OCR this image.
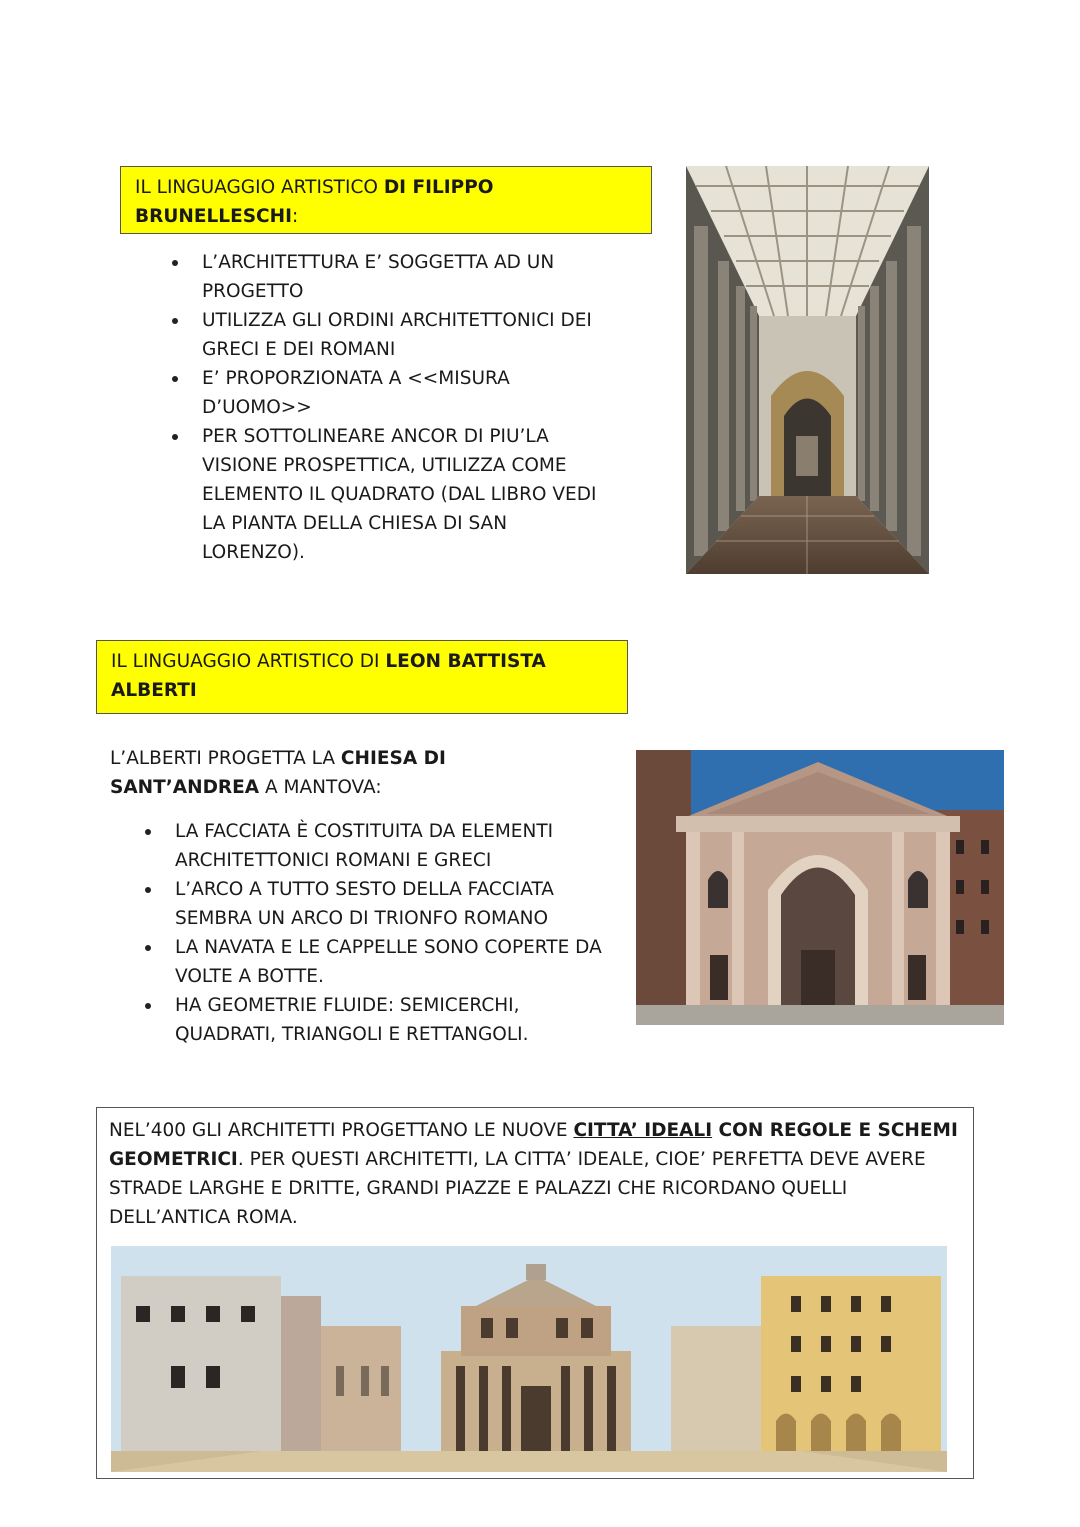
IL LINGUAGGIO ARTISTICO DI FILIPPO BRUNELLESCHI:
L’ARCHITETTURA E’ SOGGETTA AD UN PROGETTO
UTILIZZA GLI ORDINI ARCHITETTONICI DEI GRECI E DEI ROMANI
E’ PROPORZIONATA A <<MISURA D’UOMO>>
PER SOTTOLINEARE ANCOR DI PIU’LA VISIONE PROSPETTICA, UTILIZZA COME ELEMENTO IL QUADRATO (DAL LIBRO VEDI LA PIANTA DELLA CHIESA DI SAN LORENZO).
IL LINGUAGGIO ARTISTICO DI LEON BATTISTA ALBERTI
L’ALBERTI PROGETTA LA CHIESA DI SANT’ANDREA A MANTOVA:
LA FACCIATA È COSTITUITA DA ELEMENTI ARCHITETTONICI ROMANI E GRECI
L’ARCO A TUTTO SESTO DELLA FACCIATA SEMBRA UN ARCO DI TRIONFO ROMANO
LA NAVATA E LE CAPPELLE SONO COPERTE DA VOLTE A BOTTE.
HA GEOMETRIE FLUIDE: SEMICERCHI, QUADRATI, TRIANGOLI E RETTANGOLI.
NEL’400 GLI ARCHITETTI PROGETTANO LE NUOVE CITTA’ IDEALI CON REGOLE E SCHEMI GEOMETRICI. PER QUESTI ARCHITETTI, LA CITTA’ IDEALE, CIOE’ PERFETTA DEVE AVERE STRADE LARGHE E DRITTE, GRANDI PIAZZE E PALAZZI CHE RICORDANO QUELLI DELL’ANTICA ROMA.
